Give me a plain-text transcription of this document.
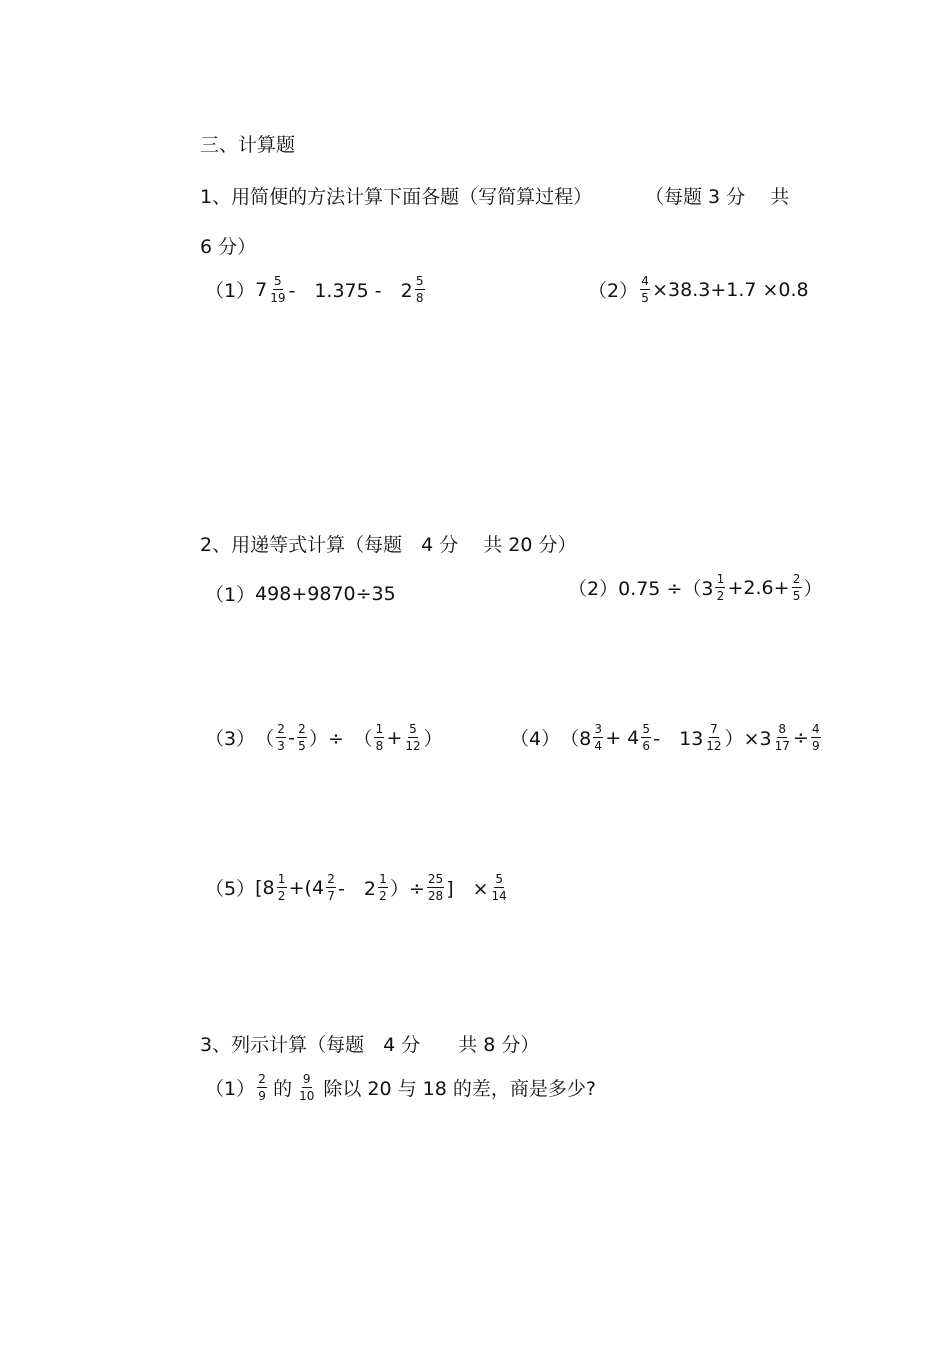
三、计算题
1、用简便的方法计算下面各题（写简算过程）	（每题 3 分　 共
6 分）
（1） $7 \frac{5}{19}$ -　1.375 -　$2 \frac{5}{8}$	$(2) \frac{4}{5} \times 38.3+1.7 \times 0.8$
2、用递等式计算（每题　4 分　 共 20 分）
（1） 498+9870÷35	（2） $0.75 \div(3 \frac{1}{2} +2.6+ \frac{2}{5}$ ）
（3） （ $\frac{2}{3} - \frac{2}{5}$ ）÷　（ $\frac{1}{8} + \frac{5}{12}$ ）	（4） （$8 \frac{3}{4} + 4 \frac{5}{6}$ -　$13 \frac{7}{12} )\times 3 \frac{8}{17} \div \frac{4}{9}$
（5） [$8 \frac{1}{2} +(4 \frac{2}{7}$ -　$2 \frac{1}{2}$ ）÷ $\frac{25}{28}$ ]　× $\frac{5}{14}$
3、列示计算（每题　4 分　　共 8 分）
$(1) \frac{2}{9}$ 的 $\frac{9}{10}$ 除以 20 与 18 的差，商是多少?
